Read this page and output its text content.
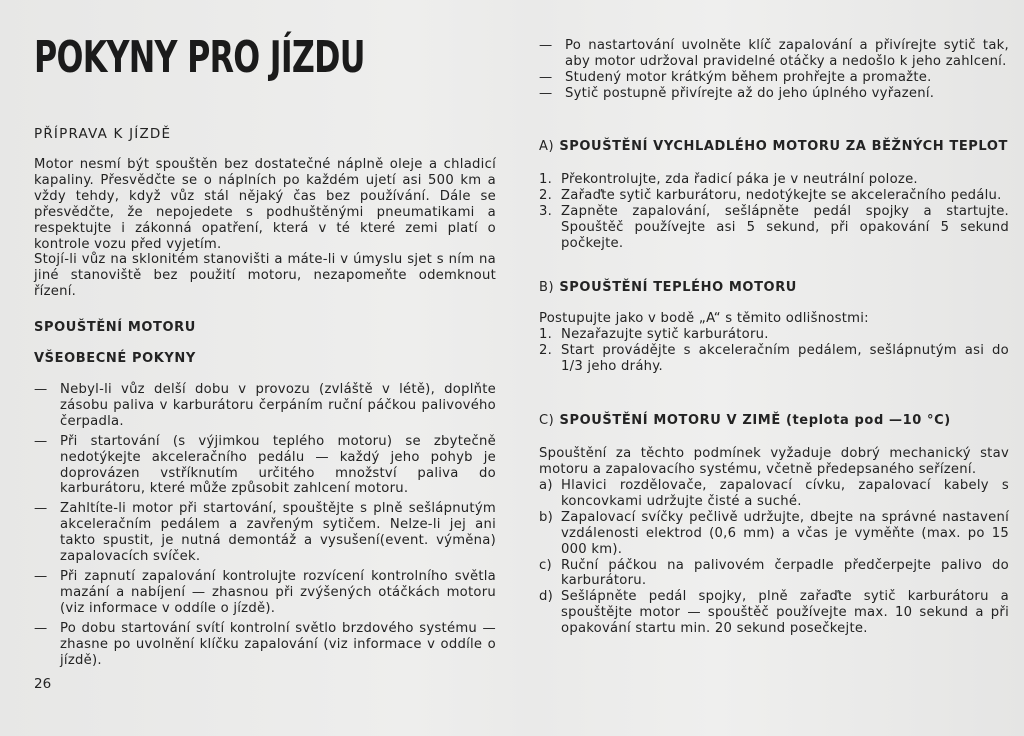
POKYNY PRO JÍZDU
PŘÍPRAVA K JÍZDĚ

Motor nesmí být spouštěn bez dostatečné náplně oleje a chladicí kapaliny. Přesvědčte se o náplních po každém ujetí asi 500 km a vždy tehdy, když vůz stál nějaký čas bez používání. Dále se přesvědčte, že nepojedete s podhuštěnými pneumatikami a respektujte i zákonná opatření, která v té které zemi platí o kontrole vozu před vyjetím.

Stojí-li vůz na sklonitém stanovišti a máte-li v úmyslu sjet s ním na jiné stanoviště bez použití motoru, nezapomeňte odemknout řízení.

SPOUŠTĚNÍ MOTORU
VŠEOBECNÉ POKYNY
— Nebyl-li vůz delší dobu v provozu (zvláště v létě), doplňte zásobu paliva v karburátoru čerpáním ruční páčkou palivového čerpadla.
— Při startování (s výjimkou teplého motoru) se zbytečně nedotýkejte akceleračního pedálu — každý jeho pohyb je doprovázen vstříknutím určitého množství paliva do karburátoru, které může způsobit zahlcení motoru.
— Zahltíte-li motor při startování, spouštějte s plně sešlápnutým akceleračním pedálem a zavřeným sytičem. Nelze-li jej ani takto spustit, je nutná demontáž a vysušení(event. výměna) zapalovacích svíček.
— Při zapnutí zapalování kontrolujte rozvícení kontrolního světla mazání a nabíjení — zhasnou při zvýšených otáčkách motoru (viz informace v oddíle o jízdě).
— Po dobu startování svítí kontrolní světlo brzdového systému — zhasne po uvolnění klíčku zapalování (viz informace v oddíle o jízdě).
26
— Po nastartování uvolněte klíč zapalování a přivírejte sytič tak, aby motor udržoval pravidelné otáčky a nedošlo k jeho zahlcení.
— Studený motor krátkým během prohřejte a promažte.
— Sytič postupně přivírejte až do jeho úplného vyřazení.
A) SPOUŠTĚNÍ VYCHLADLÉHO MOTORU ZA BĚŽNÝCH TEPLOT
1. Překontrolujte, zda řadicí páka je v neutrální poloze.
2. Zařaďte sytič karburátoru, nedotýkejte se akceleračního pedálu.
3. Zapněte zapalování, sešlápněte pedál spojky a startujte. Spouštěč používejte asi 5 sekund, při opakování 5 sekund počkejte.
B) SPOUŠTĚNÍ TEPLÉHO MOTORU

Postupujte jako v bodě „A“ s těmito odlišnostmi:

1. Nezařazujte sytič karburátoru.
2. Start provádějte s akceleračním pedálem, sešlápnutým asi do 1/3 jeho dráhy.
C) SPOUŠTĚNÍ MOTORU V ZIMĚ (teplota pod —10 °C)

Spouštění za těchto podmínek vyžaduje dobrý mechanický stav motoru a zapalovacího systému, včetně předepsaného seřízení.

a) Hlavici rozdělovače, zapalovací cívku, zapalovací kabely s koncovkami udržujte čisté a suché.
b) Zapalovací svíčky pečlivě udržujte, dbejte na správné nastavení vzdálenosti elektrod (0,6 mm) a včas je vyměňte (max. po 15 000 km).
c) Ruční páčkou na palivovém čerpadle předčerpejte palivo do karburátoru.
d) Sešlápněte pedál spojky, plně zařaďte sytič karburátoru a spouštějte motor — spouštěč používejte max. 10 sekund a při opakování startu min. 20 sekund posečkejte.
